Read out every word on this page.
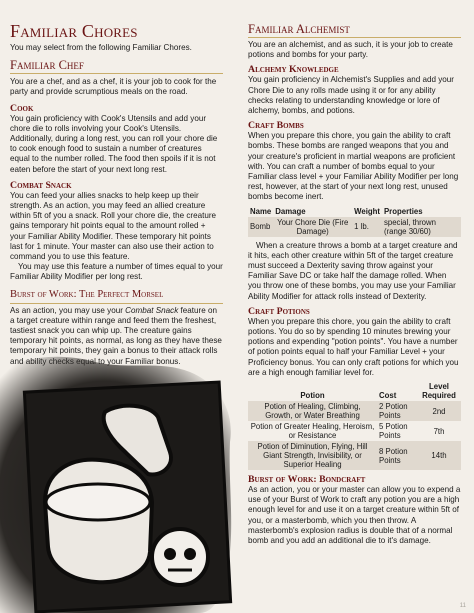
Familiar Chores

You may select from the following Familiar Chores.

Familiar Chef

You are a chef, and as a chef, it is your job to cook for the party and provide scrumptious meals on the road.

Cook

You gain proficiency with Cook's Utensils and add your chore die to rolls involving your Cook's Utensils. Additionally, during a long rest, you can roll your chore die to cook enough food to sustain a number of creatures equal to the number rolled. The food then spoils if it is not eaten before the start of your next long rest.

Combat Snack

You can feed your allies snacks to help keep up their strength. As an action, you may feed an allied creature within 5ft of you a snack. Roll your chore die, the creature gains temporary hit points equal to the amount rolled + your Familiar Ability Modifier. These temporary hit points last for 1 minute. Your master can also use their action to command you to use this feature.

You may use this feature a number of times equal to your Familiar Ability Modifier per long rest.

Burst of Work: The Perfect Morsel

As an action, you may use your Combat Snack feature on a target creature within range and feed them the freshest, tastiest snack you can whip up. The creature gains temporary hit points, as normal, as long as they have these temporary hit points, they gain a bonus to their attack rolls and ability checks equal to your Familiar bonus.

Familiar Alchemist

You are an alchemist, and as such, it is your job to create potions and bombs for your party.

Alchemy Knowledge

You gain proficiency in Alchemist's Supplies and add your Chore Die to any rolls made using it or for any ability checks relating to understanding knowledge or lore of alchemy, bombs, and potions.

Craft Bombs

When you prepare this chore, you gain the ability to craft bombs. These bombs are ranged weapons that you and your creature's proficient in martial weapons are proficient with. You can craft a number of bombs equal to your Familiar class level + your Familiar Ability Modifier per long rest, however, at the start of your next long rest, unused bombs become inert.

Name	Damage	Weight	Properties
Bomb	Your Chore Die (Fire Damage)	1 lb.	special, thrown (range 30/60)

When a creature throws a bomb at a target creature and it hits, each other creature within 5ft of the target creature must succeed a Dexterity saving throw against your Familiar Save DC or take half the damage rolled. When you throw one of these bombs, you may use your Familiar Ability Modifier for attack rolls instead of Dexterity.

Craft Potions

When you prepare this chore, you gain the ability to craft potions. You do so by spending 10 minutes brewing your potions and expending "potion points". You have a number of potion points equal to half your Familiar Level + your Proficiency bonus. You can only craft potions for which you are a high enough familiar level for.

Potion	Cost	Level Required
Potion of Healing, Climbing, Growth, or Water Breathing	2 Potion Points	2nd
Potion of Greater Healing, Heroism, or Resistance	5 Potion Points	7th
Potion of Diminution, Flying, Hill Giant Strength, Invisibility, or Superior Healing	8 Potion Points	14th
Burst of Work: Bondcraft

As an action, you or your master can allow you to expend a use of your Burst of Work to craft any potion you are a high enough level for and use it on a target creature within 5ft of you, or a masterbomb, which you then throw. A masterbomb's explosion radius is double that of a normal bomb and you add an additional die to it's damage.

11
